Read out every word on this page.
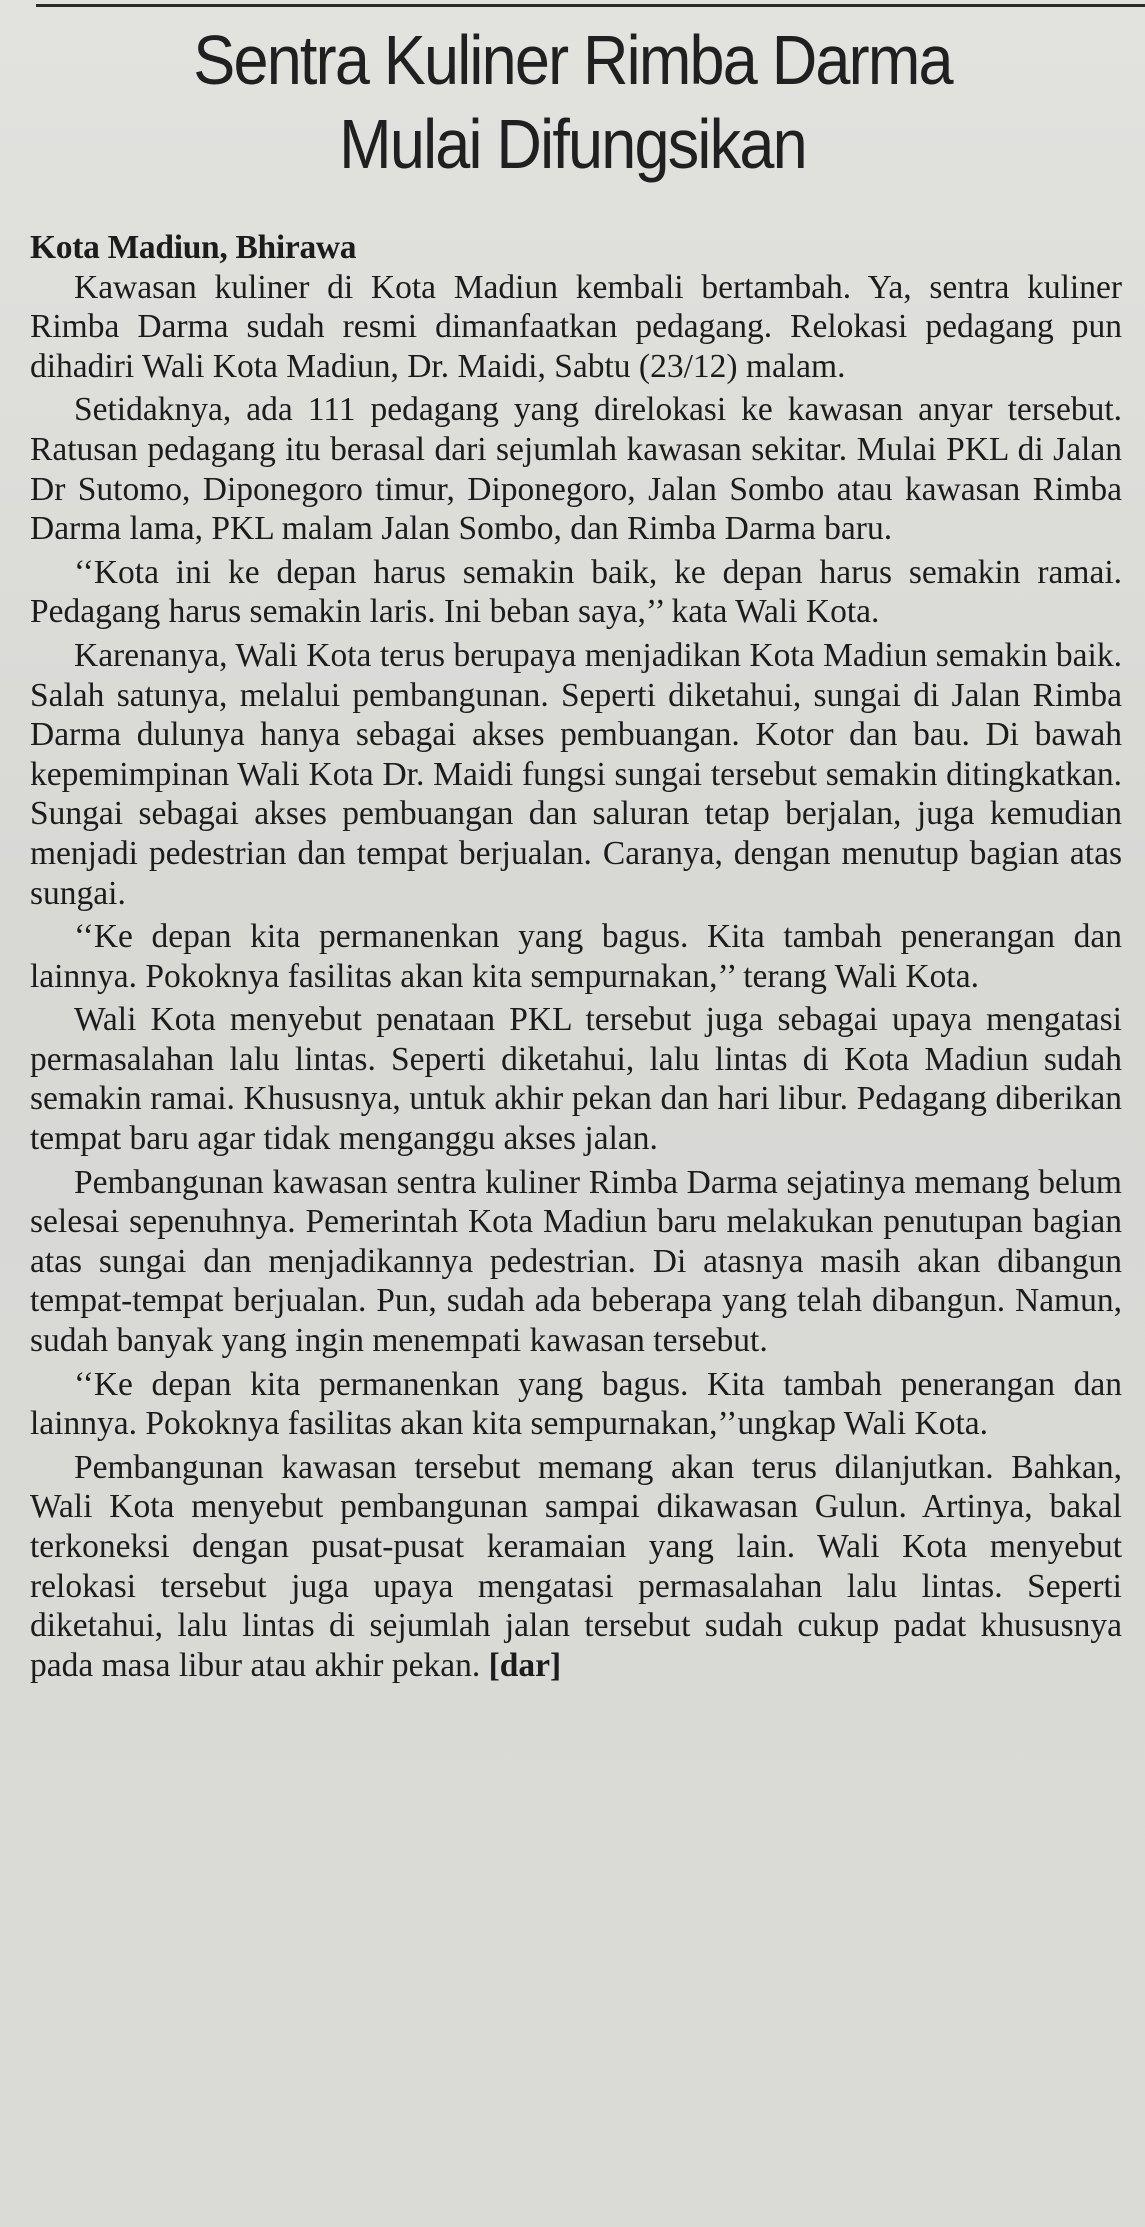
Sentra Kuliner Rimba Darma
Mulai Difungsikan

Kota Madiun, Bhirawa

Kawasan kuliner di Kota Madiun kembali bertambah. Ya, sentra kuliner Rimba Darma sudah resmi dimanfaatkan pedagang. Relokasi pedagang pun dihadiri Wali Kota Madiun, Dr. Maidi, Sabtu (23/12) malam.

Setidaknya, ada 111 pedagang yang direlokasi ke kawasan anyar tersebut. Ratusan pedagang itu berasal dari sejumlah kawasan sekitar. Mulai PKL di Jalan Dr Sutomo, Diponegoro timur, Diponegoro, Jalan Sombo atau kawasan Rimba Darma lama, PKL malam Jalan Sombo, dan Rimba Darma baru.

‘‘Kota ini ke depan harus semakin baik, ke depan harus semakin ramai. Pedagang harus semakin laris. Ini beban saya,’’ kata Wali Kota.

Karenanya, Wali Kota terus berupaya menjadikan Kota Madiun semakin baik. Salah satunya, melalui pembangunan. Seperti diketahui, sungai di Jalan Rimba Darma dulunya hanya sebagai akses pembuangan. Kotor dan bau. Di bawah kepemimpinan Wali Kota Dr. Maidi fungsi sungai tersebut semakin ditingkatkan. Sungai sebagai akses pembuangan dan saluran tetap berjalan, juga kemudian menjadi pedestrian dan tempat berjualan. Caranya, dengan menutup bagian atas sungai.

‘‘Ke depan kita permanenkan yang bagus. Kita tambah penerangan dan lainnya. Pokoknya fasilitas akan kita sempurnakan,’’ terang Wali Kota.

Wali Kota menyebut penataan PKL tersebut juga sebagai upaya mengatasi permasalahan lalu lintas. Seperti diketahui, lalu lintas di Kota Madiun sudah semakin ramai. Khususnya, untuk akhir pekan dan hari libur. Pedagang diberikan tempat baru agar tidak menganggu akses jalan.

Pembangunan kawasan sentra kuliner Rimba Darma sejatinya memang belum selesai sepenuhnya. Pemerintah Kota Madiun baru melakukan penutupan bagian atas sungai dan menjadikannya pedestrian. Di atasnya masih akan dibangun tempat-tempat berjualan. Pun, sudah ada beberapa yang telah dibangun. Namun, sudah banyak yang ingin menempati kawasan tersebut.

‘‘Ke depan kita permanenkan yang bagus. Kita tambah penerangan dan lainnya. Pokoknya fasilitas akan kita sempurnakan,’’ungkap Wali Kota.

Pembangunan kawasan tersebut memang akan terus dilanjutkan. Bahkan, Wali Kota menyebut pembangunan sampai dikawasan Gulun. Artinya, bakal terkoneksi dengan pusat-pusat keramaian yang lain. Wali Kota menyebut relokasi tersebut juga upaya mengatasi permasalahan lalu lintas. Seperti diketahui, lalu lintas di sejumlah jalan tersebut sudah cukup padat khususnya pada masa libur atau akhir pekan. [dar]
